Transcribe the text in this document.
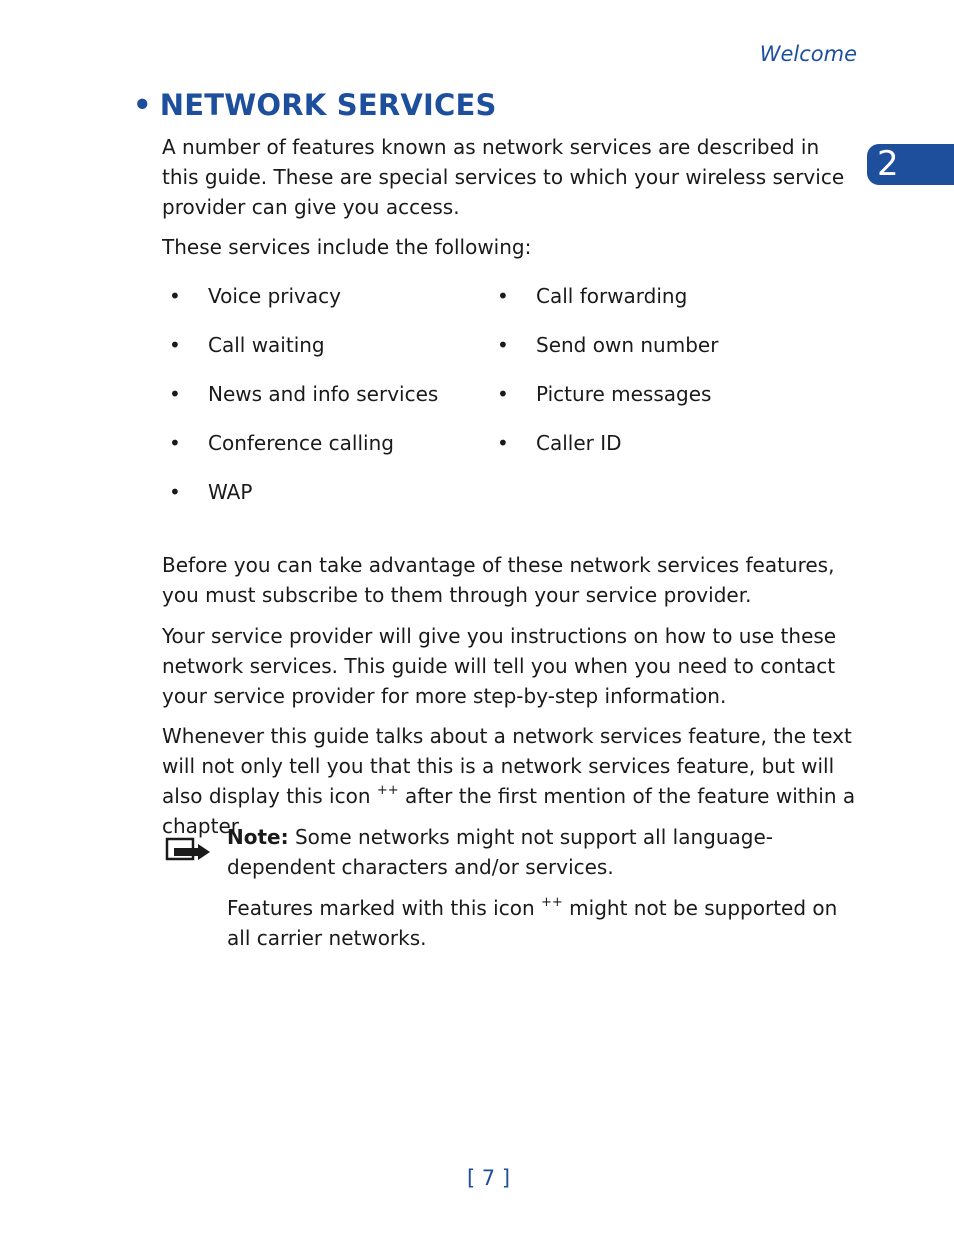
Welcome
2
• NETWORK SERVICES

A number of features known as network services are described in this guide. These are special services to which your wireless service provider can give you access.

These services include the following:

•	Voice privacy	•	Call forwarding
•	Call waiting	•	Send own number
•	News and info services	•	Picture messages
•	Conference calling	•	Caller ID
•	WAP

Before you can take advantage of these network services features, you must subscribe to them through your service provider.

Your service provider will give you instructions on how to use these network services. This guide will tell you when you need to contact your service provider for more step-by-step information.

Whenever this guide talks about a network services feature, the text will not only tell you that this is a network services feature, but will also display this icon ++ after the first mention of the feature within a chapter.

Note: Some networks might not support all language-dependent characters and/or services.

Features marked with this icon ++ might not be supported on all carrier networks.

[ 7 ]
